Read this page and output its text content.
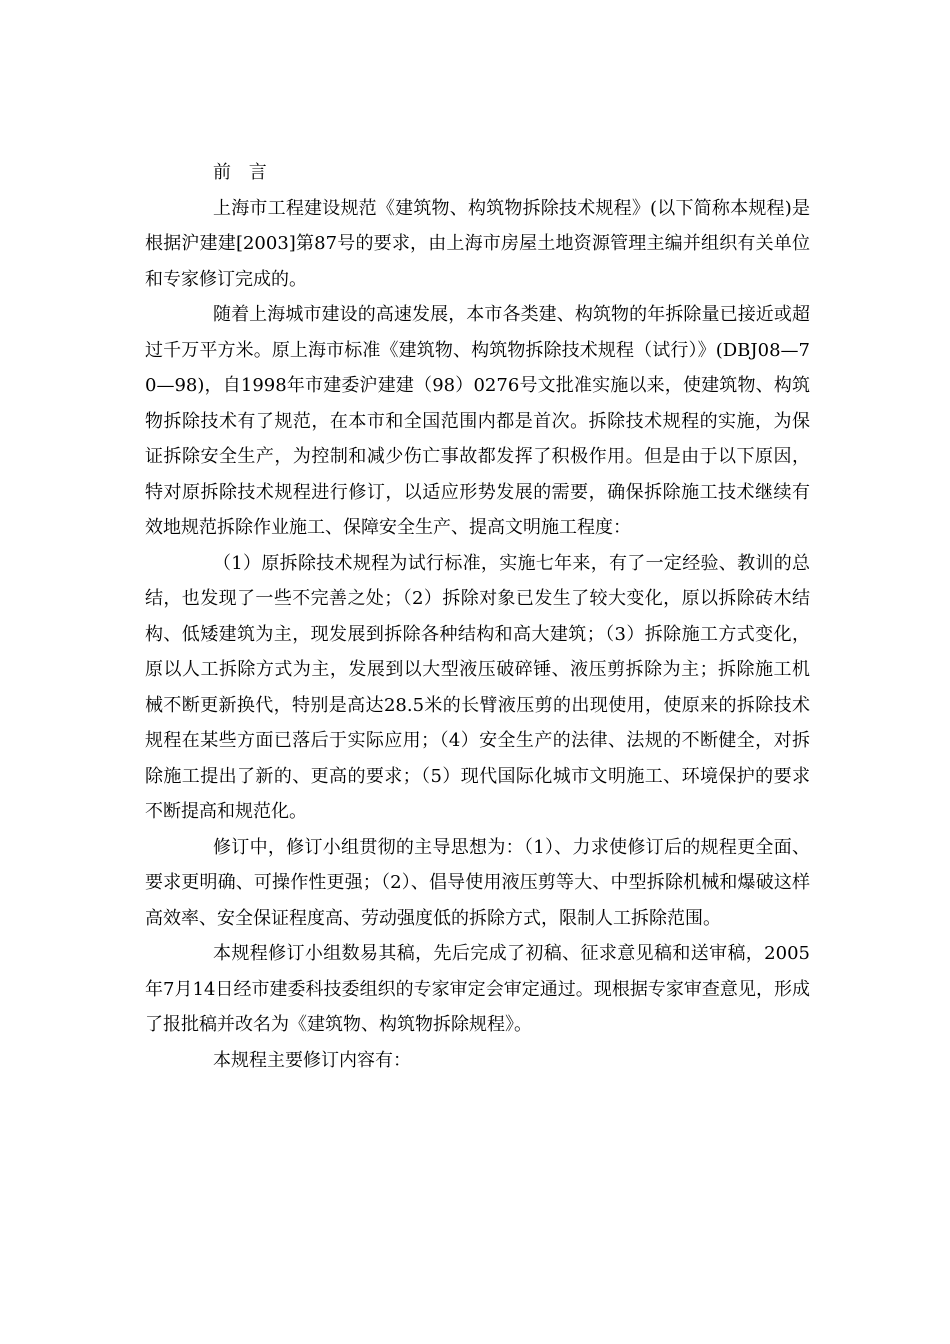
前 言

上海市工程建设规范《建筑物、构筑物拆除技术规程》(以下简称本规程)是根据沪建建[2003]第87号的要求，由上海市房屋土地资源管理主编并组织有关单位和专家修订完成的。

随着上海城市建设的高速发展，本市各类建、构筑物的年拆除量已接近或超过千万平方米。原上海市标准《建筑物、构筑物拆除技术规程（试行）》(DBJ08—70—98)，自1998年市建委沪建建（98）0276号文批准实施以来，使建筑物、构筑物拆除技术有了规范，在本市和全国范围内都是首次。拆除技术规程的实施，为保证拆除安全生产，为控制和减少伤亡事故都发挥了积极作用。但是由于以下原因，特对原拆除技术规程进行修订，以适应形势发展的需要，确保拆除施工技术继续有效地规范拆除作业施工、保障安全生产、提高文明施工程度：

（1）原拆除技术规程为试行标准，实施七年来，有了一定经验、教训的总结，也发现了一些不完善之处；（2）拆除对象已发生了较大变化，原以拆除砖木结构、低矮建筑为主，现发展到拆除各种结构和高大建筑；（3）拆除施工方式变化，原以人工拆除方式为主，发展到以大型液压破碎锤、液压剪拆除为主；拆除施工机械不断更新换代，特别是高达28.5米的长臂液压剪的出现使用，使原来的拆除技术规程在某些方面已落后于实际应用；（4）安全生产的法律、法规的不断健全，对拆除施工提出了新的、更高的要求；（5）现代国际化城市文明施工、环境保护的要求不断提高和规范化。

修订中，修订小组贯彻的主导思想为：（1）、力求使修订后的规程更全面、要求更明确、可操作性更强；（2）、倡导使用液压剪等大、中型拆除机械和爆破这样高效率、安全保证程度高、劳动强度低的拆除方式，限制人工拆除范围。

本规程修订小组数易其稿，先后完成了初稿、征求意见稿和送审稿，2005年7月14日经市建委科技委组织的专家审定会审定通过。现根据专家审查意见，形成了报批稿并改名为《建筑物、构筑物拆除规程》。

本规程主要修订内容有：
